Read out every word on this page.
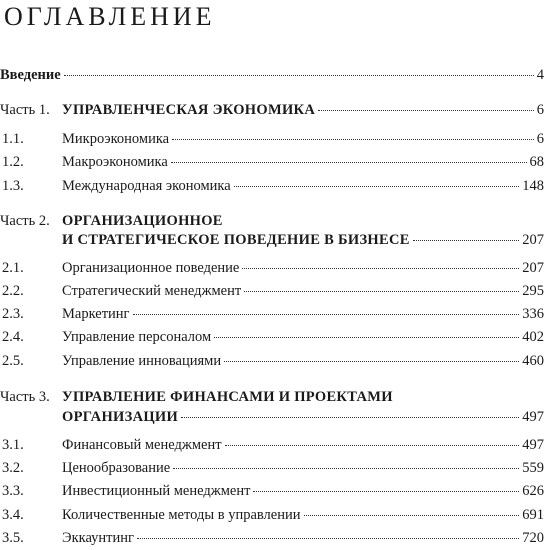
ОГЛАВЛЕНИЕ
Введение	4
Часть 1. УПРАВЛЕНЧЕСКАЯ ЭКОНОМИКА	6
1.1.	Микроэкономика	6
1.2.	Макроэкономика	68
1.3.	Международная экономика	148
Часть 2. ОРГАНИЗАЦИОННОЕ
И СТРАТЕГИЧЕСКОЕ ПОВЕДЕНИЕ В БИЗНЕСЕ	207
2.1.	Организационное поведение	207
2.2.	Стратегический менеджмент	295
2.3.	Маркетинг	336
2.4.	Управление персоналом	402
2.5.	Управление инновациями	460
Часть 3. УПРАВЛЕНИЕ ФИНАНСАМИ И ПРОЕКТАМИ
ОРГАНИЗАЦИИ	497
3.1.	Финансовый менеджмент	497
3.2.	Ценообразование	559
3.3.	Инвестиционный менеджмент	626
3.4.	Количественные методы в управлении	691
3.5.	Эккаунтинг	720
